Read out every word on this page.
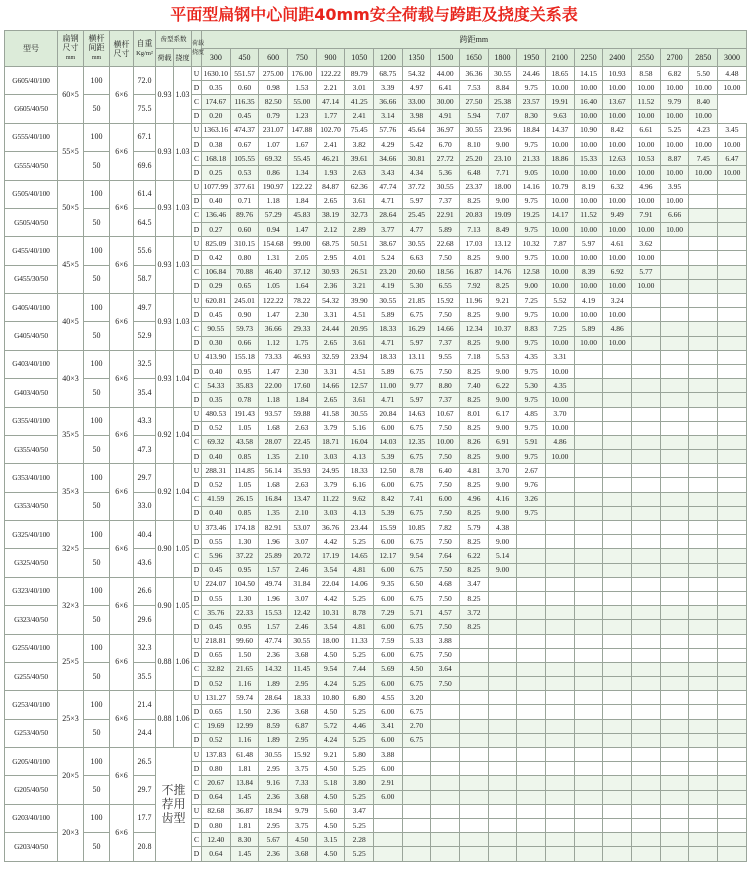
平面型扁钢中心间距40mm安全荷载与跨距及挠度关系表
型号	扁钢
尺寸
mm	横杆
间距
mm	横杆
尺寸	自重
Kg/m²	齿型系数		荷载
挠度	跨距mm																		
					荷载	挠度		300	450	600	750	900	1050	1200	1350	1500	1650	1800	1950	2100	2250	2400	2550	2700	2850	3000
G605/40/100	60×5	100	6×6	72.0	0.93	1.03	U	1630.10	551.57	275.00	176.00	122.22	89.79	68.75	54.32	44.00	36.36	30.55	24.46	18.65	14.15	10.93	8.58	6.82	5.50	4.48
							D	0.35	0.60	0.98	1.53	2.21	3.01	3.39	4.97	6.41	7.53	8.84	9.75	10.00	10.00	10.00	10.00	10.00	10.00	10.00
G605/40/50		50		75.5			C	174.67	116.35	82.50	55.00	47.14	41.25	36.66	33.00	30.00	27.50	25.38	23.57	19.91	16.40	13.67	11.52	9.79	8.40	
							D	0.20	0.45	0.79	1.23	1.77	2.41	3.14	3.98	4.91	5.94	7.07	8.30	9.63	10.00	10.00	10.00	10.00	10.00	
G555/40/100	55×5	100	6×6	67.1	0.93	1.03	U	1363.16	474.37	231.07	147.88	102.70	75.45	57.76	45.64	36.97	30.55	23.96	18.84	14.37	10.90	8.42	6.61	5.25	4.23	3.45
							D	0.38	0.67	1.07	1.67	2.41	3.82	4.29	5.42	6.70	8.10	9.00	9.75	10.00	10.00	10.00	10.00	10.00	10.00	10.00
G555/40/50		50		69.6			C	168.18	105.55	69.32	55.45	46.21	39.61	34.66	30.81	27.72	25.20	23.10	21.33	18.86	15.33	12.63	10.53	8.87	7.45	6.47
							D	0.25	0.53	0.86	1.34	1.93	2.63	3.43	4.34	5.36	6.48	7.71	9.05	10.00	10.00	10.00	10.00	10.00	10.00	10.00
G505/40/100	50×5	100	6×6	61.4	0.93	1.03	U	1077.99	377.61	190.97	122.22	84.87	62.36	47.74	37.72	30.55	23.37	18.00	14.16	10.79	8.19	6.32	4.96	3.95		
							D	0.40	0.71	1.18	1.84	2.65	3.61	4.71	5.97	7.37	8.25	9.00	9.75	10.00	10.00	10.00	10.00	10.00		
G505/40/50		50		64.5			C	136.46	89.76	57.29	45.83	38.19	32.73	28.64	25.45	22.91	20.83	19.09	19.25	14.17	11.52	9.49	7.91	6.66		
							D	0.27	0.60	0.94	1.47	2.12	2.89	3.77	4.77	5.89	7.13	8.49	9.75	10.00	10.00	10.00	10.00	10.00		
G455/40/100	45×5	100	6×6	55.6	0.93	1.03	U	825.09	310.15	154.68	99.00	68.75	50.51	38.67	30.55	22.68	17.03	13.12	10.32	7.87	5.97	4.61	3.62			
							D	0.42	0.80	1.31	2.05	2.95	4.01	5.24	6.63	7.50	8.25	9.00	9.75	10.00	10.00	10.00	10.00			
G455/30/50		50		58.7			C	106.84	70.88	46.40	37.12	30.93	26.51	23.20	20.60	18.56	16.87	14.76	12.58	10.00	8.39	6.92	5.77			
							D	0.29	0.65	1.05	1.64	2.36	3.21	4.19	5.30	6.55	7.92	8.25	9.00	10.00	10.00	10.00	10.00			
G405/40/100	40×5	100	6×6	49.7	0.93	1.03	U	620.81	245.01	122.22	78.22	54.32	39.90	30.55	21.85	15.92	11.96	9.21	7.25	5.52	4.19	3.24				
							D	0.45	0.90	1.47	2.30	3.31	4.51	5.89	6.75	7.50	8.25	9.00	9.75	10.00	10.00	10.00				
G405/40/50		50		52.9			C	90.55	59.73	36.66	29.33	24.44	20.95	18.33	16.29	14.66	12.34	10.37	8.83	7.25	5.89	4.86				
							D	0.30	0.66	1.12	1.75	2.65	3.61	4.71	5.97	7.37	8.25	9.00	9.75	10.00	10.00	10.00				
G403/40/100	40×3	100	6×6	32.5	0.93	1.04	U	413.90	155.18	73.33	46.93	32.59	23.94	18.33	13.11	9.55	7.18	5.53	4.35	3.31						
							D	0.40	0.95	1.47	2.30	3.31	4.51	5.89	6.75	7.50	8.25	9.00	9.75	10.00						
G403/40/50		50		35.4			C	54.33	35.83	22.00	17.60	14.66	12.57	11.00	9.77	8.80	7.40	6.22	5.30	4.35						
							D	0.35	0.78	1.18	1.84	2.65	3.61	4.71	5.97	7.37	8.25	9.00	9.75	10.00						
G355/40/100	35×5	100	6×6	43.3	0.92	1.04	U	480.53	191.43	93.57	59.88	41.58	30.55	20.84	14.63	10.67	8.01	6.17	4.85	3.70						
							D	0.52	1.05	1.68	2.63	3.79	5.16	6.00	6.75	7.50	8.25	9.00	9.75	10.00						
G355/40/50		50		47.3			C	69.32	43.58	28.07	22.45	18.71	16.04	14.03	12.35	10.00	8.26	6.91	5.91	4.86						
							D	0.40	0.85	1.35	2.10	3.03	4.13	5.39	6.75	7.50	8.25	9.00	9.75	10.00						
G353/40/100	35×3	100	6×6	29.7	0.92	1.04	U	288.31	114.85	56.14	35.93	24.95	18.33	12.50	8.78	6.40	4.81	3.70	2.67							
							D	0.52	1.05	1.68	2.63	3.79	6.16	6.00	6.75	7.50	8.25	9.00	9.76							
G353/40/50		50		33.0			C	41.59	26.15	16.84	13.47	11.22	9.62	8.42	7.41	6.00	4.96	4.16	3.26							
							D	0.40	0.85	1.35	2.10	3.03	4.13	5.39	6.75	7.50	8.25	9.00	9.75							
G325/40/100	32×5	100	6×6	40.4	0.90	1.05	U	373.46	174.18	82.91	53.07	36.76	23.44	15.59	10.85	7.82	5.79	4.38								
							D	0.55	1.30	1.96	3.07	4.42	5.25	6.00	6.75	7.50	8.25	9.00								
G325/40/50		50		43.6			C	5.96	37.22	25.89	20.72	17.19	14.65	12.17	9.54	7.64	6.22	5.14								
							D	0.45	0.95	1.57	2.46	3.54	4.81	6.00	6.75	7.50	8.25	9.00								
G323/40/100	32×3	100	6×6	26.6	0.90	1.05	U	224.07	104.50	49.74	31.84	22.04	14.06	9.35	6.50	4.68	3.47									
							D	0.55	1.30	1.96	3.07	4.42	5.25	6.00	6.75	7.50	8.25									
G323/40/50		50		29.6			C	35.76	22.33	15.53	12.42	10.31	8.78	7.29	5.71	4.57	3.72									
							D	0.45	0.95	1.57	2.46	3.54	4.81	6.00	6.75	7.50	8.25									
G255/40/100	25×5	100	6×6	32.3	0.88	1.06	U	218.81	99.60	47.74	30.55	18.00	11.33	7.59	5.33	3.88										
							D	0.65	1.50	2.36	3.68	4.50	5.25	6.00	6.75	7.50										
G255/40/50		50		35.5			C	32.82	21.65	14.32	11.45	9.54	7.44	5.69	4.50	3.64										
							D	0.52	1.16	1.89	2.95	4.24	5.25	6.00	6.75	7.50										
G253/40/100	25×3	100	6×6	21.4	0.88	1.06	U	131.27	59.74	28.64	18.33	10.80	6.80	4.55	3.20											
							D	0.65	1.50	2.36	3.68	4.50	5.25	6.00	6.75											
G253/40/50		50		24.4			C	19.69	12.99	8.59	6.87	5.72	4.46	3.41	2.70											
							D	0.52	1.16	1.89	2.95	4.24	5.25	6.00	6.75											
G205/40/100	20×5	100	6×6	26.5	不推荐用齿型		U	137.83	61.48	30.55	15.92	9.21	5.80	3.88												
							D	0.80	1.81	2.95	3.75	4.50	5.25	6.00												
G205/40/50		50		29.7			C	20.67	13.84	9.16	7.33	5.18	3.80	2.91												
							D	0.64	1.45	2.36	3.68	4.50	5.25	6.00												
G203/40/100	20×3	100	6×6	17.7			U	82.68	36.87	18.94	9.79	5.60	3.47													
							D	0.80	1.81	2.95	3.75	4.50	5.25													
G203/40/50		50		20.8			C	12.40	8.30	5.67	4.50	3.15	2.28													
							D	0.64	1.45	2.36	3.68	4.50	5.25													
